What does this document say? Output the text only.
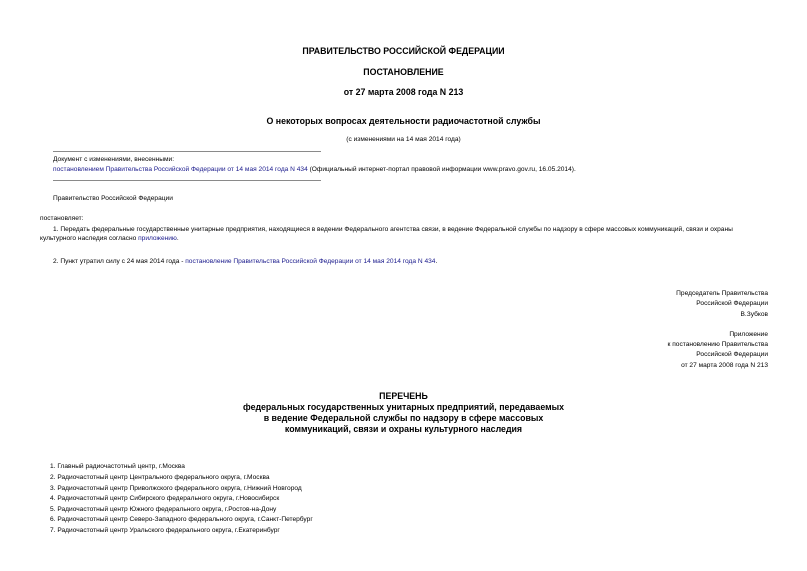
ПРАВИТЕЛЬСТВО РОССИЙСКОЙ ФЕДЕРАЦИИ
ПОСТАНОВЛЕНИЕ
от 27 марта 2008 года N 213
О некоторых вопросах деятельности радиочастотной службы
(с изменениями на 14 мая 2014 года)
Документ с изменениями, внесенными:
постановлением Правительства Российской Федерации от 14 мая 2014 года N 434 (Официальный интернет-портал правовой информации www.pravo.gov.ru, 16.05.2014).
Правительство Российской Федерации
постановляет:
1. Передать федеральные государственные унитарные предприятия, находящиеся в ведении Федерального агентства связи, в ведение Федеральной службы по надзору в сфере массовых коммуникаций, связи и охраны культурного наследия согласно приложению.
2. Пункт утратил силу с 24 мая 2014 года - постановление Правительства Российской Федерации от 14 мая 2014 года N 434.
Председатель Правительства
Российской Федерации
В.Зубков
Приложение
к постановлению Правительства
Российской Федерации
от 27 марта 2008 года N 213
ПЕРЕЧЕНЬ
федеральных государственных унитарных предприятий, передаваемых
в ведение Федеральной службы по надзору в сфере массовых
коммуникаций, связи и охраны культурного наследия
1. Главный радиочастотный центр, г.Москва
2. Радиочастотный центр Центрального федерального округа, г.Москва
3. Радиочастотный центр Приволжского федерального округа, г.Нижний Новгород
4. Радиочастотный центр Сибирского федерального округа, г.Новосибирск
5. Радиочастотный центр Южного федерального округа, г.Ростов-на-Дону
6. Радиочастотный центр Северо-Западного федерального округа, г.Санкт-Петербург
7. Радиочастотный центр Уральского федерального округа, г.Екатеринбург
